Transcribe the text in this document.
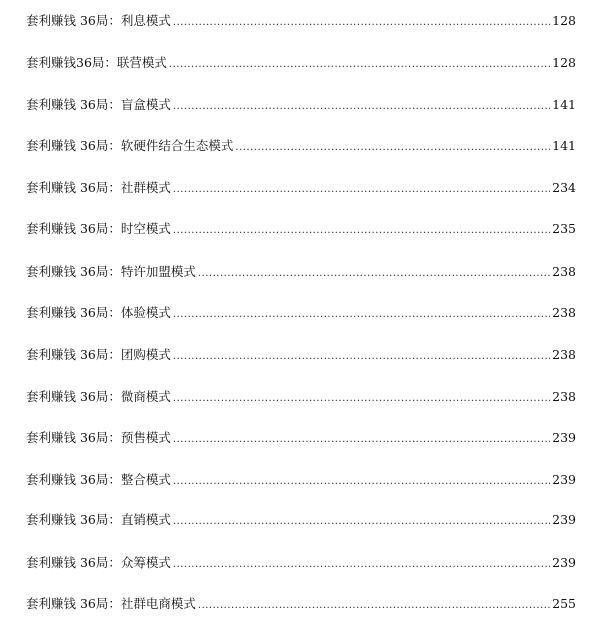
套利赚钱 36局：利息模式 .....	128
套利赚钱36局：联营模式 .....	128
套利赚钱 36局：盲盒模式 .....	141
套利赚钱 36局：软硬件结合生态模式 .....	141
套利赚钱 36局：社群模式 .....	234
套利赚钱 36局：时空模式 .....	235
套利赚钱 36局：特许加盟模式 .....	238
套利赚钱 36局：体验模式 .....	238
套利赚钱 36局：团购模式 .....	238
套利赚钱 36局：微商模式 .....	238
套利赚钱 36局：预售模式 .....	239
套利赚钱 36局：整合模式 .....	239
套利赚钱 36局：直销模式 .....	239
套利赚钱 36局：众筹模式 .....	239
套利赚钱 36局：社群电商模式 .....	255
